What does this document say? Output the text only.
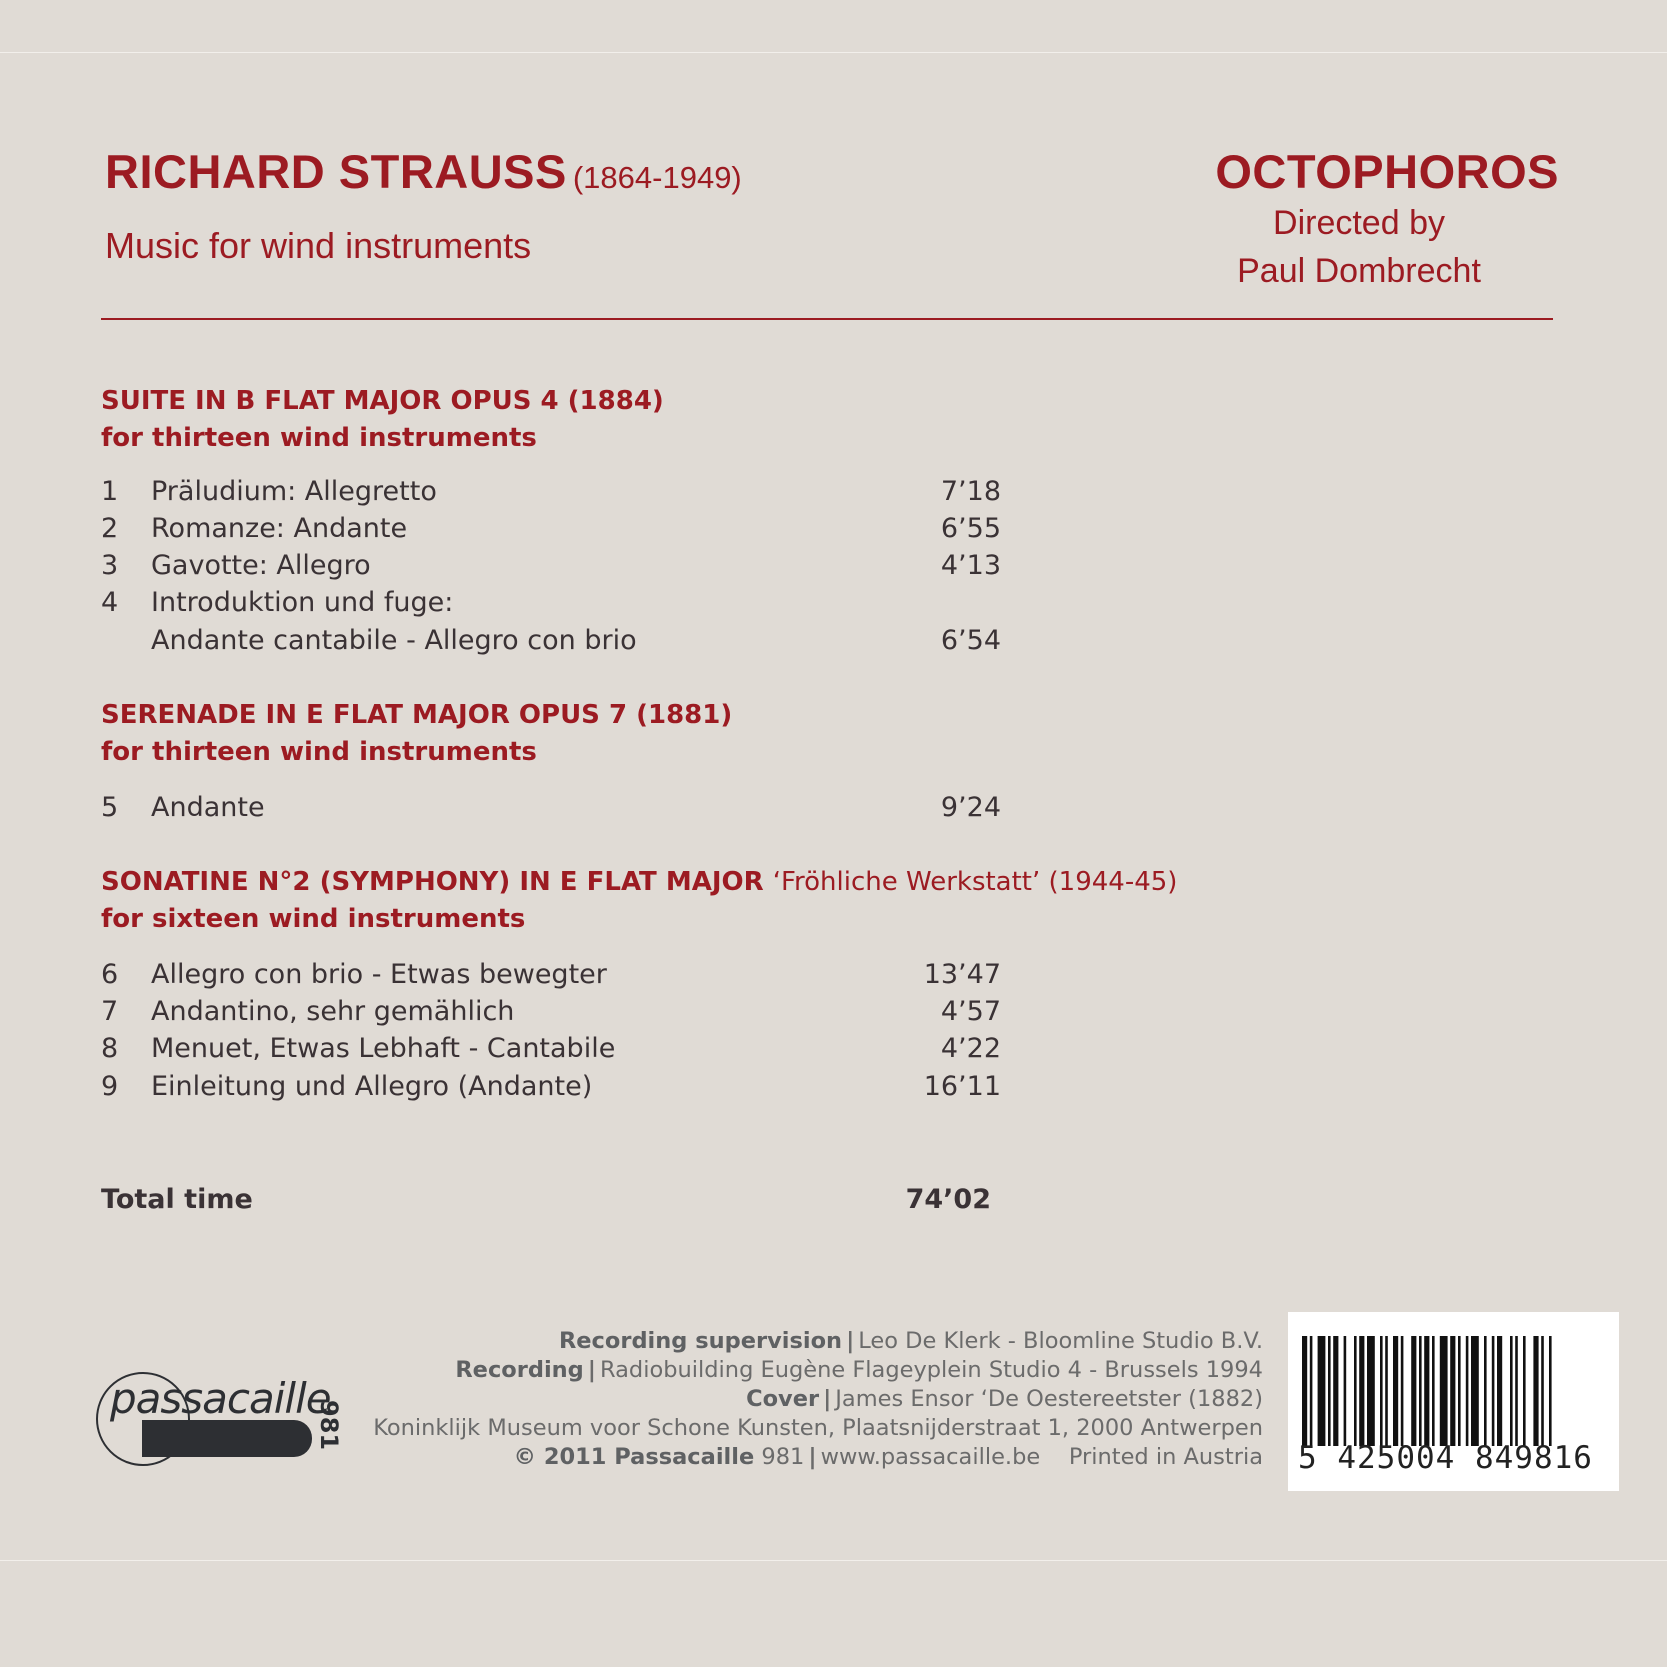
RICHARD STRAUSS (1864-1949)
Music for wind instruments
OCTOPHOROS
Directed by
Paul Dombrecht
SUITE IN B FLAT MAJOR OPUS 4 (1884)
for thirteen wind instruments
1 Präludium: Allegretto	7’18
2 Romanze: Andante	6’55
3 Gavotte: Allegro	4’13
4 Introduktion und fuge:
Andante cantabile - Allegro con brio	6’54
SERENADE IN E FLAT MAJOR OPUS 7 (1881)
for thirteen wind instruments
5 Andante	9’24
SONATINE N°2 (SYMPHONY) IN E FLAT MAJOR ‘Fröhliche Werkstatt’ (1944-45)
for sixteen wind instruments
6 Allegro con brio - Etwas bewegter	13’47
7 Andantino, sehr gemählich	4’57
8 Menuet, Etwas Lebhaft - Cantabile	4’22
9 Einleitung und Allegro (Andante)	16’11
Total time	74’02
Recording supervision | Leo De Klerk - Bloomline Studio B.V.
Recording | Radiobuilding Eugène Flageyplein Studio 4 - Brussels 1994
Cover | James Ensor ‘De Oestereetster (1882)
Koninklijk Museum voor Schone Kunsten, Plaatsnijderstraat 1, 2000 Antwerpen
© 2011 Passacaille 981 | www.passacaille.be Printed in Austria
passacaille
981
5 425004 849816
